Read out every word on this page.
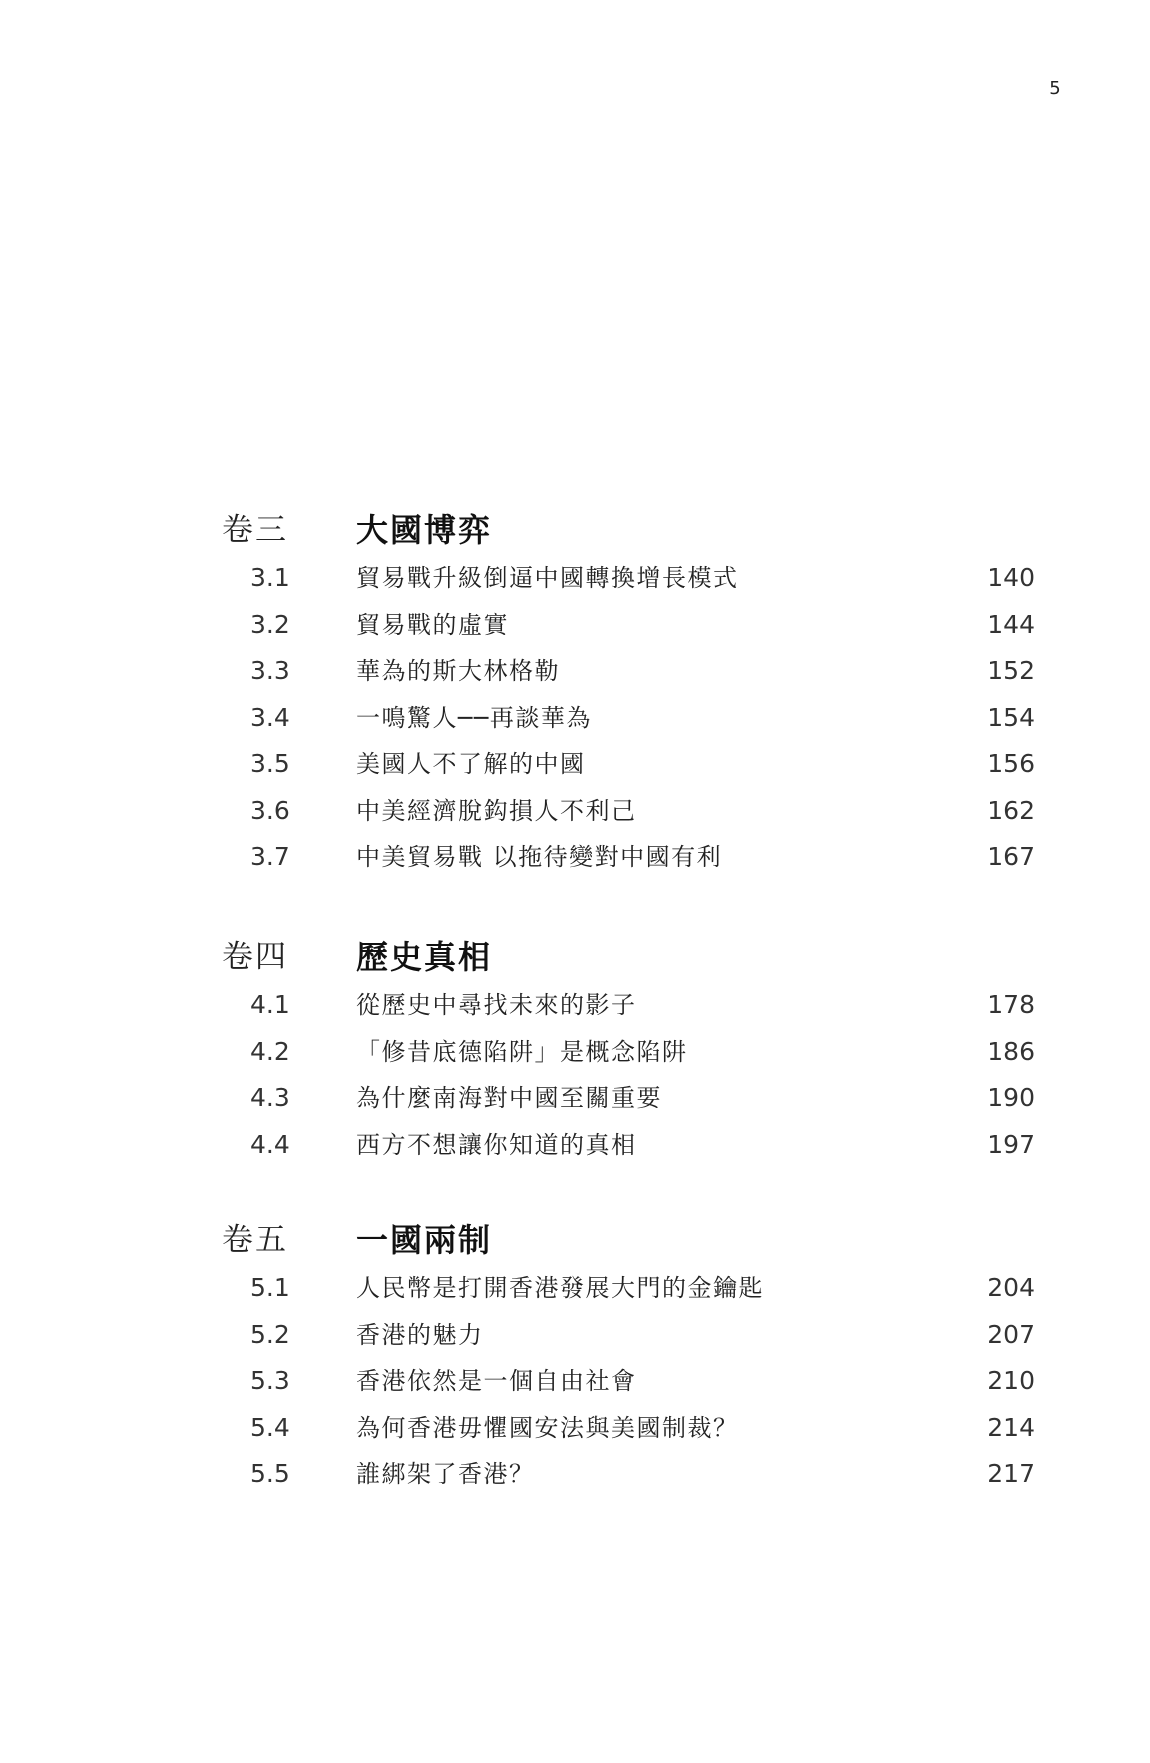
5
卷三 大國博弈
3.1	貿易戰升級倒逼中國轉換增長模式	140
3.2	貿易戰的虛實	144
3.3	華為的斯大林格勒	152
3.4	一鳴驚人──再談華為	154
3.5	美國人不了解的中國	156
3.6	中美經濟脫鈎損人不利己	162
3.7	中美貿易戰 以拖待變對中國有利	167
卷四 歷史真相
4.1	從歷史中尋找未來的影子	178
4.2	「修昔底德陷阱」是概念陷阱	186
4.3	為什麼南海對中國至關重要	190
4.4	西方不想讓你知道的真相	197
卷五 一國兩制
5.1	人民幣是打開香港發展大門的金鑰匙	204
5.2	香港的魅力	207
5.3	香港依然是一個自由社會	210
5.4	為何香港毋懼國安法與美國制裁？	214
5.5	誰綁架了香港？	217
